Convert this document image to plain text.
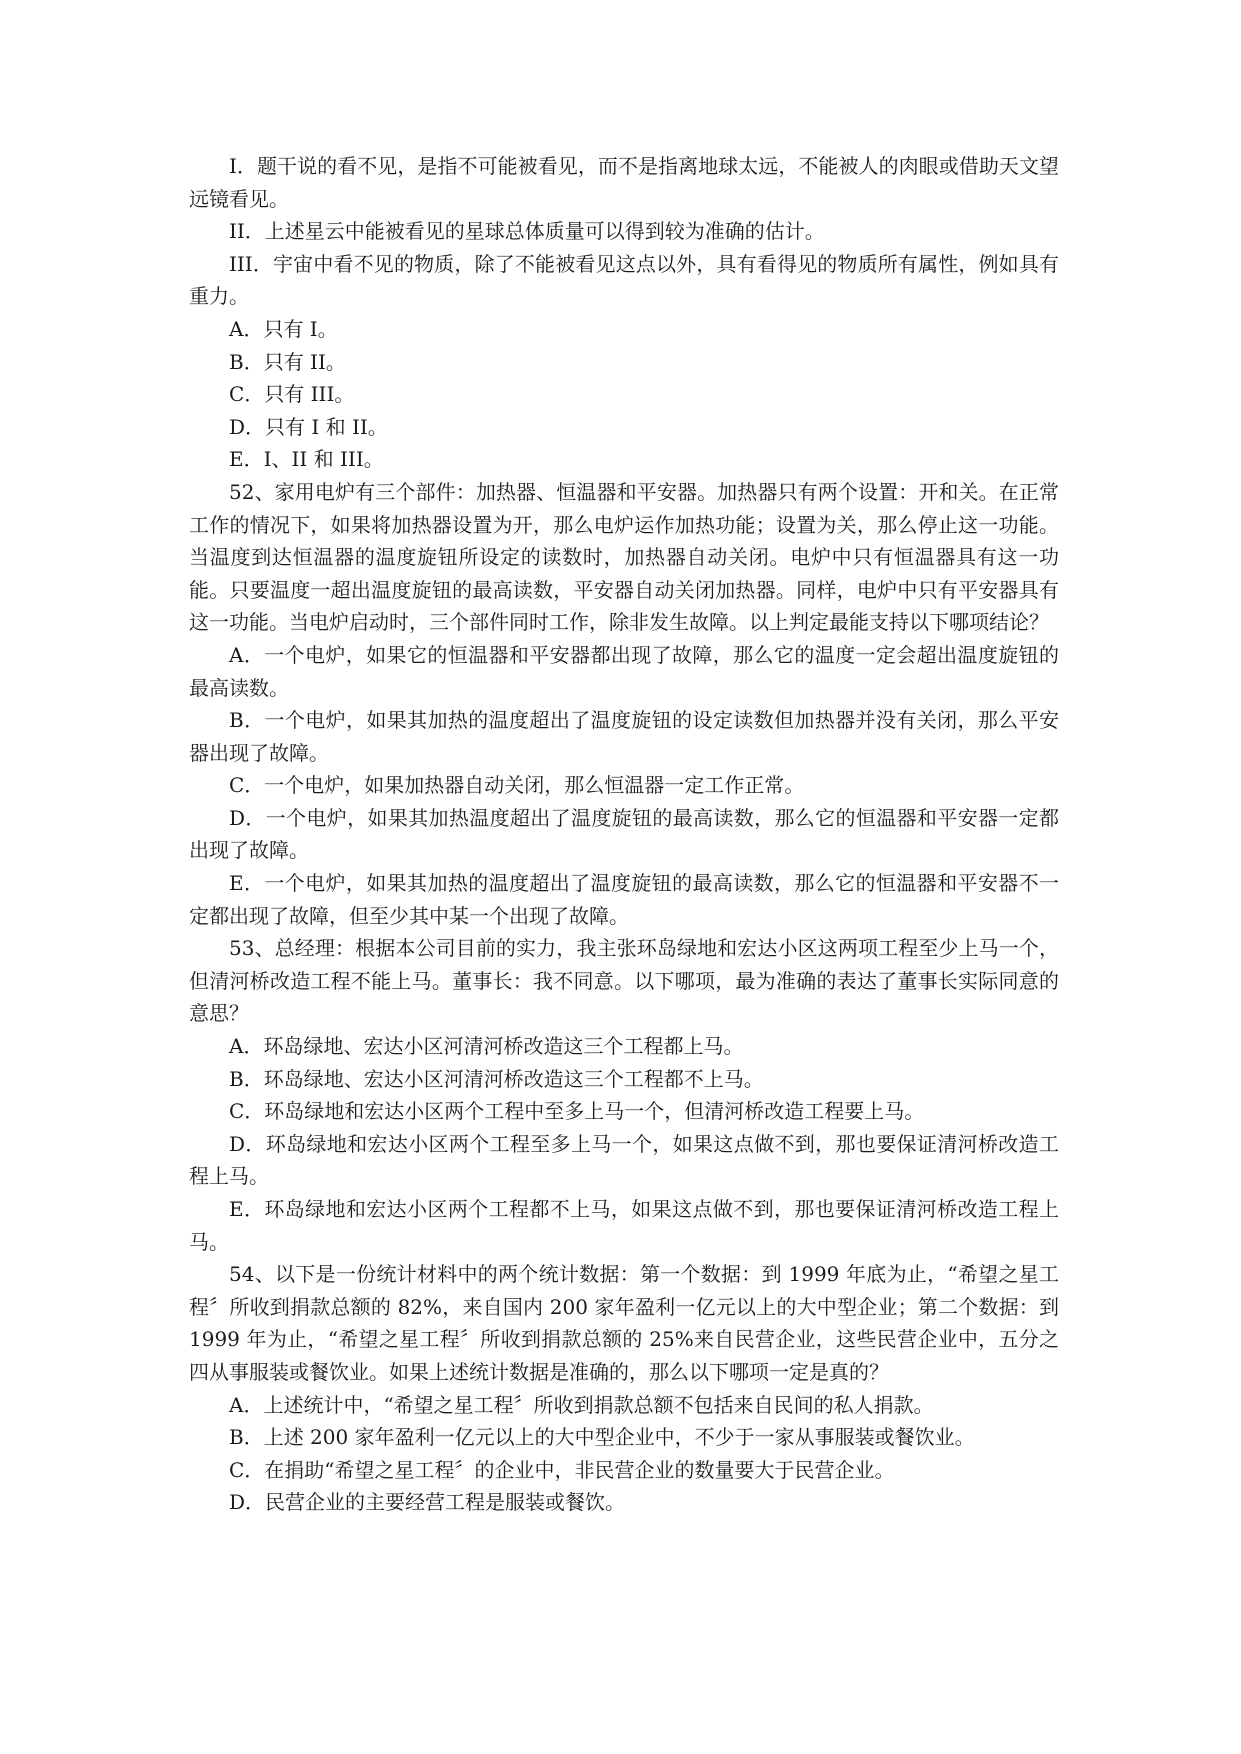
I．题干说的看不见，是指不可能被看见，而不是指离地球太远，不能被人的肉眼或借助天文望远镜看见。

II．上述星云中能被看见的星球总体质量可以得到较为准确的估计。

III．宇宙中看不见的物质，除了不能被看见这点以外，具有看得见的物质所有属性，例如具有重力。

A．只有 I。

B．只有 II。

C．只有 III。

D．只有 I 和 II。

E．I、II 和 III。

52、家用电炉有三个部件：加热器、恒温器和平安器。加热器只有两个设置：开和关。在正常工作的情况下，如果将加热器设置为开，那么电炉运作加热功能；设置为关，那么停止这一功能。当温度到达恒温器的温度旋钮所设定的读数时，加热器自动关闭。电炉中只有恒温器具有这一功能。只要温度一超出温度旋钮的最高读数，平安器自动关闭加热器。同样，电炉中只有平安器具有这一功能。当电炉启动时，三个部件同时工作，除非发生故障。以上判定最能支持以下哪项结论？

A．一个电炉，如果它的恒温器和平安器都出现了故障，那么它的温度一定会超出温度旋钮的最高读数。

B．一个电炉，如果其加热的温度超出了温度旋钮的设定读数但加热器并没有关闭，那么平安器出现了故障。

C．一个电炉，如果加热器自动关闭，那么恒温器一定工作正常。

D．一个电炉，如果其加热温度超出了温度旋钮的最高读数，那么它的恒温器和平安器一定都出现了故障。

E．一个电炉，如果其加热的温度超出了温度旋钮的最高读数，那么它的恒温器和平安器不一定都出现了故障，但至少其中某一个出现了故障。

53、总经理：根据本公司目前的实力，我主张环岛绿地和宏达小区这两项工程至少上马一个，但清河桥改造工程不能上马。董事长：我不同意。以下哪项，最为准确的表达了董事长实际同意的意思？

A．环岛绿地、宏达小区河清河桥改造这三个工程都上马。

B．环岛绿地、宏达小区河清河桥改造这三个工程都不上马。

C．环岛绿地和宏达小区两个工程中至多上马一个，但清河桥改造工程要上马。

D．环岛绿地和宏达小区两个工程至多上马一个，如果这点做不到，那也要保证清河桥改造工程上马。

E．环岛绿地和宏达小区两个工程都不上马，如果这点做不到，那也要保证清河桥改造工程上马。

54、以下是一份统计材料中的两个统计数据：第一个数据：到 1999 年底为止，“希望之星工程〞所收到捐款总额的 82%，来自国内 200 家年盈利一亿元以上的大中型企业；第二个数据：到 1999 年为止，“希望之星工程〞所收到捐款总额的 25%来自民营企业，这些民营企业中，五分之四从事服装或餐饮业。如果上述统计数据是准确的，那么以下哪项一定是真的？

A．上述统计中，“希望之星工程〞所收到捐款总额不包括来自民间的私人捐款。

B．上述 200 家年盈利一亿元以上的大中型企业中，不少于一家从事服装或餐饮业。

C．在捐助“希望之星工程〞的企业中，非民营企业的数量要大于民营企业。

D．民营企业的主要经营工程是服装或餐饮。
